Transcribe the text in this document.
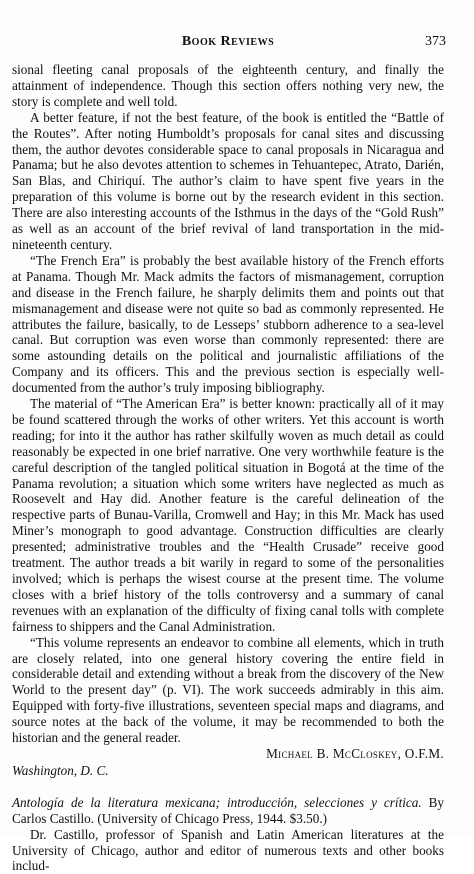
Book Reviews	373

sional fleeting canal proposals of the eighteenth century, and finally the attainment of independence. Though this section offers nothing very new, the story is complete and well told.

A better feature, if not the best feature, of the book is entitled the “Battle of the Routes”. After noting Humboldt’s proposals for canal sites and discussing them, the author devotes considerable space to canal proposals in Nicaragua and Panama; but he also devotes attention to schemes in Tehuantepec, Atrato, Darién, San Blas, and Chiriquí. The author’s claim to have spent five years in the preparation of this volume is borne out by the research evident in this section. There are also interesting accounts of the Isthmus in the days of the “Gold Rush” as well as an account of the brief revival of land transportation in the mid-nineteenth century.

“The French Era” is probably the best available history of the French efforts at Panama. Though Mr. Mack admits the factors of mismanagement, corruption and disease in the French failure, he sharply delimits them and points out that mismanagement and disease were not quite so bad as commonly represented. He attributes the failure, basically, to de Lesseps’ stubborn adherence to a sea-level canal. But corruption was even worse than commonly represented: there are some astounding details on the political and journalistic affiliations of the Company and its officers. This and the previous section is especially well-documented from the author’s truly imposing bibliography.

The material of “The American Era” is better known: practically all of it may be found scattered through the works of other writers. Yet this account is worth reading; for into it the author has rather skilfully woven as much detail as could reasonably be expected in one brief narrative. One very worthwhile feature is the careful description of the tangled political situation in Bogotá at the time of the Panama revolution; a situation which some writers have neglected as much as Roosevelt and Hay did. Another feature is the careful delineation of the respective parts of Bunau-Varilla, Cromwell and Hay; in this Mr. Mack has used Miner’s monograph to good advantage. Construction difficulties are clearly presented; administrative troubles and the “Health Crusade” receive good treatment. The author treads a bit warily in regard to some of the personalities involved; which is perhaps the wisest course at the present time. The volume closes with a brief history of the tolls controversy and a summary of canal revenues with an explanation of the difficulty of fixing canal tolls with complete fairness to shippers and the Canal Administration.

“This volume represents an endeavor to combine all elements, which in truth are closely related, into one general history covering the entire field in considerable detail and extending without a break from the discovery of the New World to the present day” (p. VI). The work succeeds admirably in this aim. Equipped with forty-five illustrations, seventeen special maps and diagrams, and source notes at the back of the volume, it may be recommended to both the historian and the general reader.

Michael B. McCloskey, O.F.M.
Washington, D. C.

Antología de la literatura mexicana; introducción, selecciones y crítica. By Carlos Castillo. (University of Chicago Press, 1944. $3.50.)

Dr. Castillo, professor of Spanish and Latin American literatures at the University of Chicago, author and editor of numerous texts and other books includ-
